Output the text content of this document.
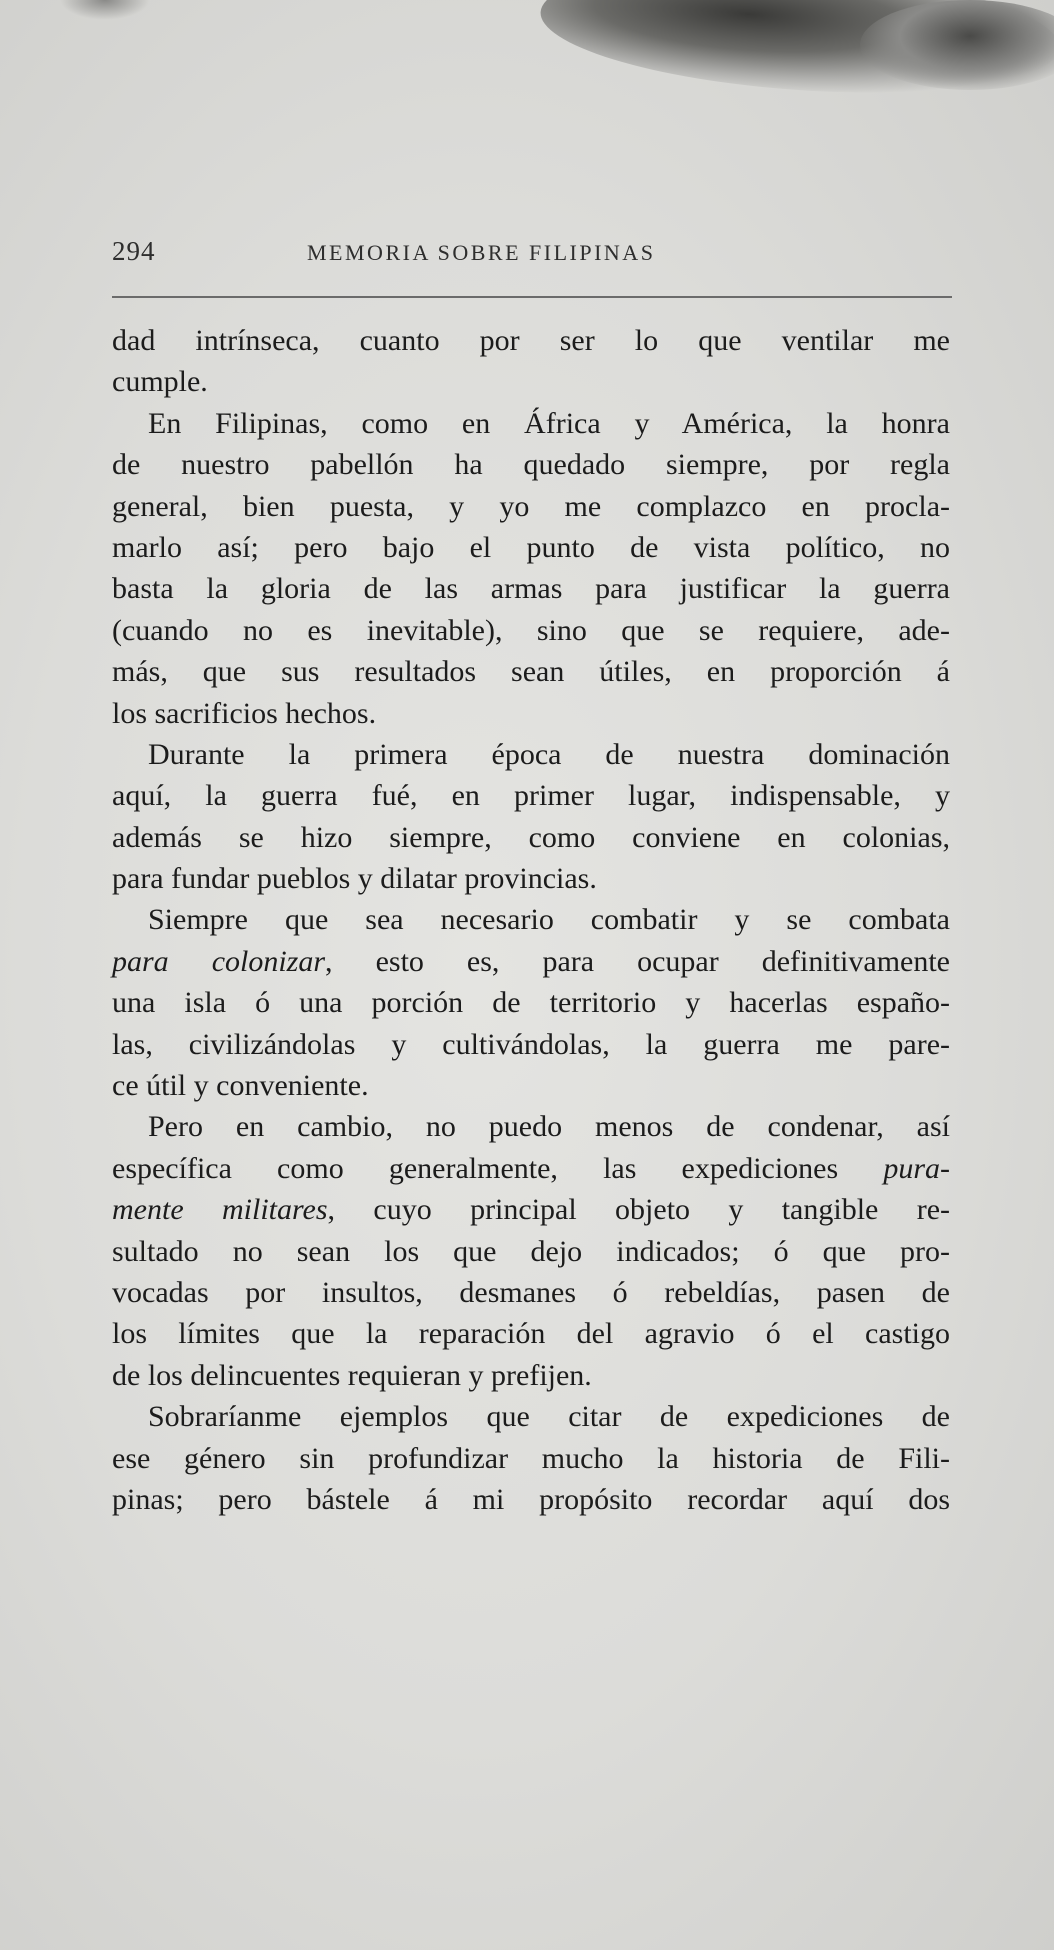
294	MEMORIA SOBRE FILIPINAS
dad intrínseca, cuanto por ser lo que ventilar me
cumple.
En Filipinas, como en África y América, la honra
de nuestro pabellón ha quedado siempre, por regla
general, bien puesta, y yo me complazco en procla-
marlo así; pero bajo el punto de vista político, no
basta la gloria de las armas para justificar la guerra
(cuando no es inevitable), sino que se requiere, ade-
más, que sus resultados sean útiles, en proporción á
los sacrificios hechos.
Durante la primera época de nuestra dominación
aquí, la guerra fué, en primer lugar, indispensable, y
además se hizo siempre, como conviene en colonias,
para fundar pueblos y dilatar provincias.
Siempre que sea necesario combatir y se combata
para colonizar, esto es, para ocupar definitivamente
una isla ó una porción de territorio y hacerlas españo-
las, civilizándolas y cultivándolas, la guerra me pare-
ce útil y conveniente.
Pero en cambio, no puedo menos de condenar, así
específica como generalmente, las expediciones pura-
mente militares, cuyo principal objeto y tangible re-
sultado no sean los que dejo indicados; ó que pro-
vocadas por insultos, desmanes ó rebeldías, pasen de
los límites que la reparación del agravio ó el castigo
de los delincuentes requieran y prefijen.
Sobraríanme ejemplos que citar de expediciones de
ese género sin profundizar mucho la historia de Fili-
pinas; pero bástele á mi propósito recordar aquí dos
